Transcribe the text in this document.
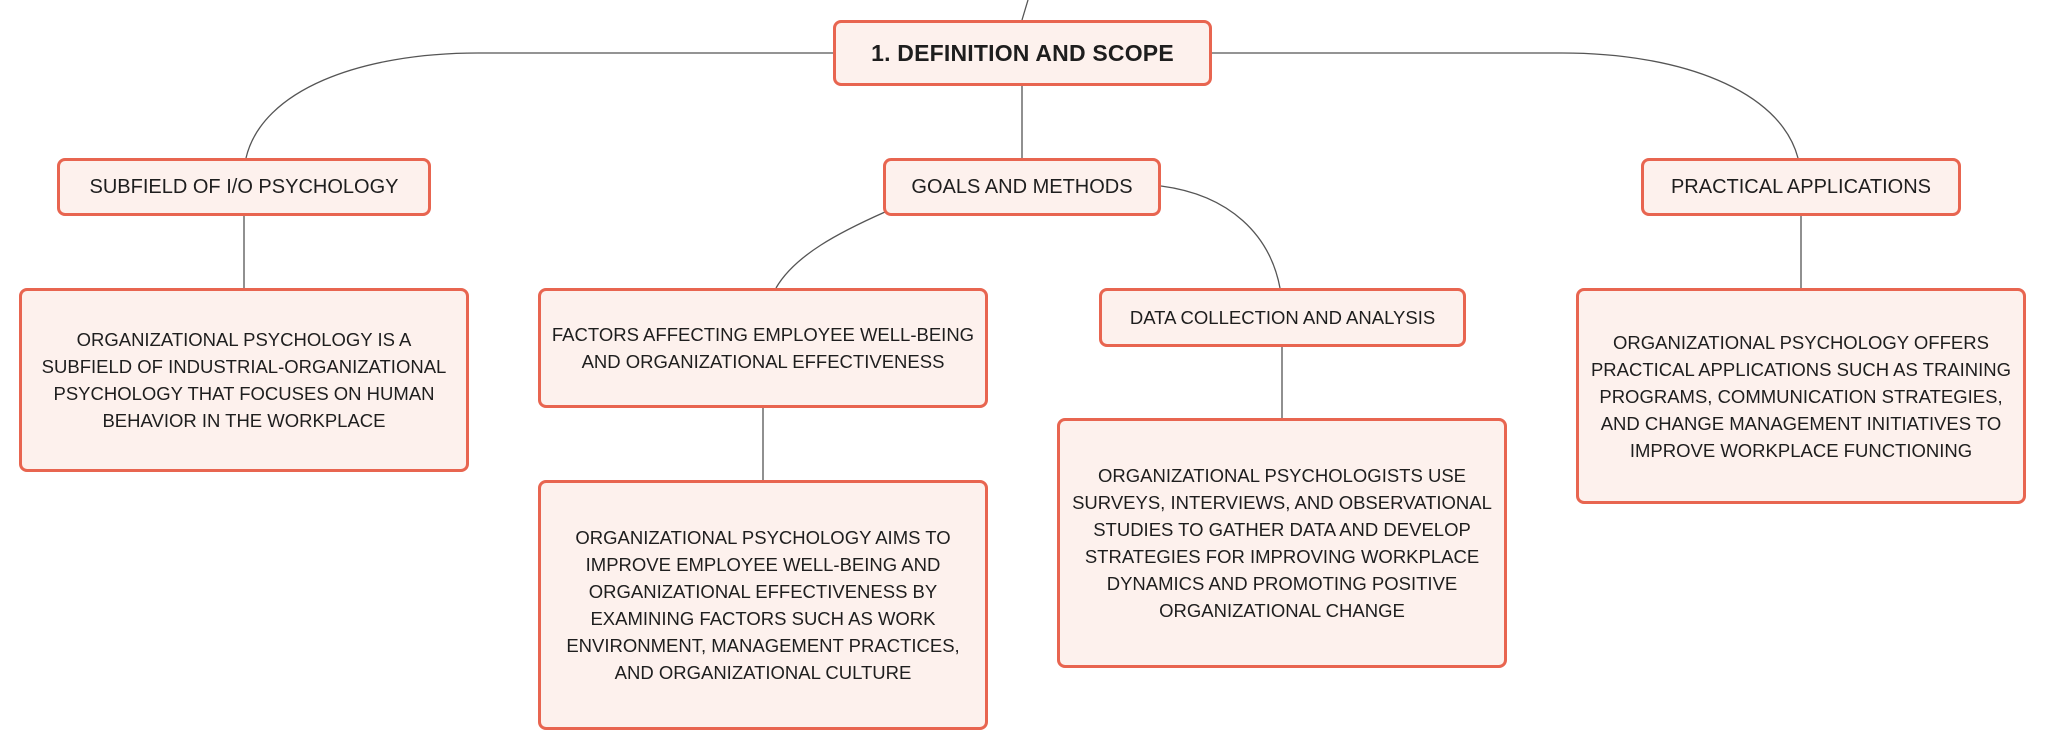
1. DEFINITION AND SCOPE
SUBFIELD OF I/O PSYCHOLOGY	GOALS AND METHODS	PRACTICAL APPLICATIONS
ORGANIZATIONAL PSYCHOLOGY IS A SUBFIELD OF INDUSTRIAL-ORGANIZATIONAL PSYCHOLOGY THAT FOCUSES ON HUMAN BEHAVIOR IN THE WORKPLACE
FACTORS AFFECTING EMPLOYEE WELL-BEING AND ORGANIZATIONAL EFFECTIVENESS
DATA COLLECTION AND ANALYSIS
ORGANIZATIONAL PSYCHOLOGY OFFERS PRACTICAL APPLICATIONS SUCH AS TRAINING PROGRAMS, COMMUNICATION STRATEGIES, AND CHANGE MANAGEMENT INITIATIVES TO IMPROVE WORKPLACE FUNCTIONING
ORGANIZATIONAL PSYCHOLOGISTS USE SURVEYS, INTERVIEWS, AND OBSERVATIONAL STUDIES TO GATHER DATA AND DEVELOP STRATEGIES FOR IMPROVING WORKPLACE DYNAMICS AND PROMOTING POSITIVE ORGANIZATIONAL CHANGE
ORGANIZATIONAL PSYCHOLOGY AIMS TO IMPROVE EMPLOYEE WELL-BEING AND ORGANIZATIONAL EFFECTIVENESS BY EXAMINING FACTORS SUCH AS WORK ENVIRONMENT, MANAGEMENT PRACTICES, AND ORGANIZATIONAL CULTURE
